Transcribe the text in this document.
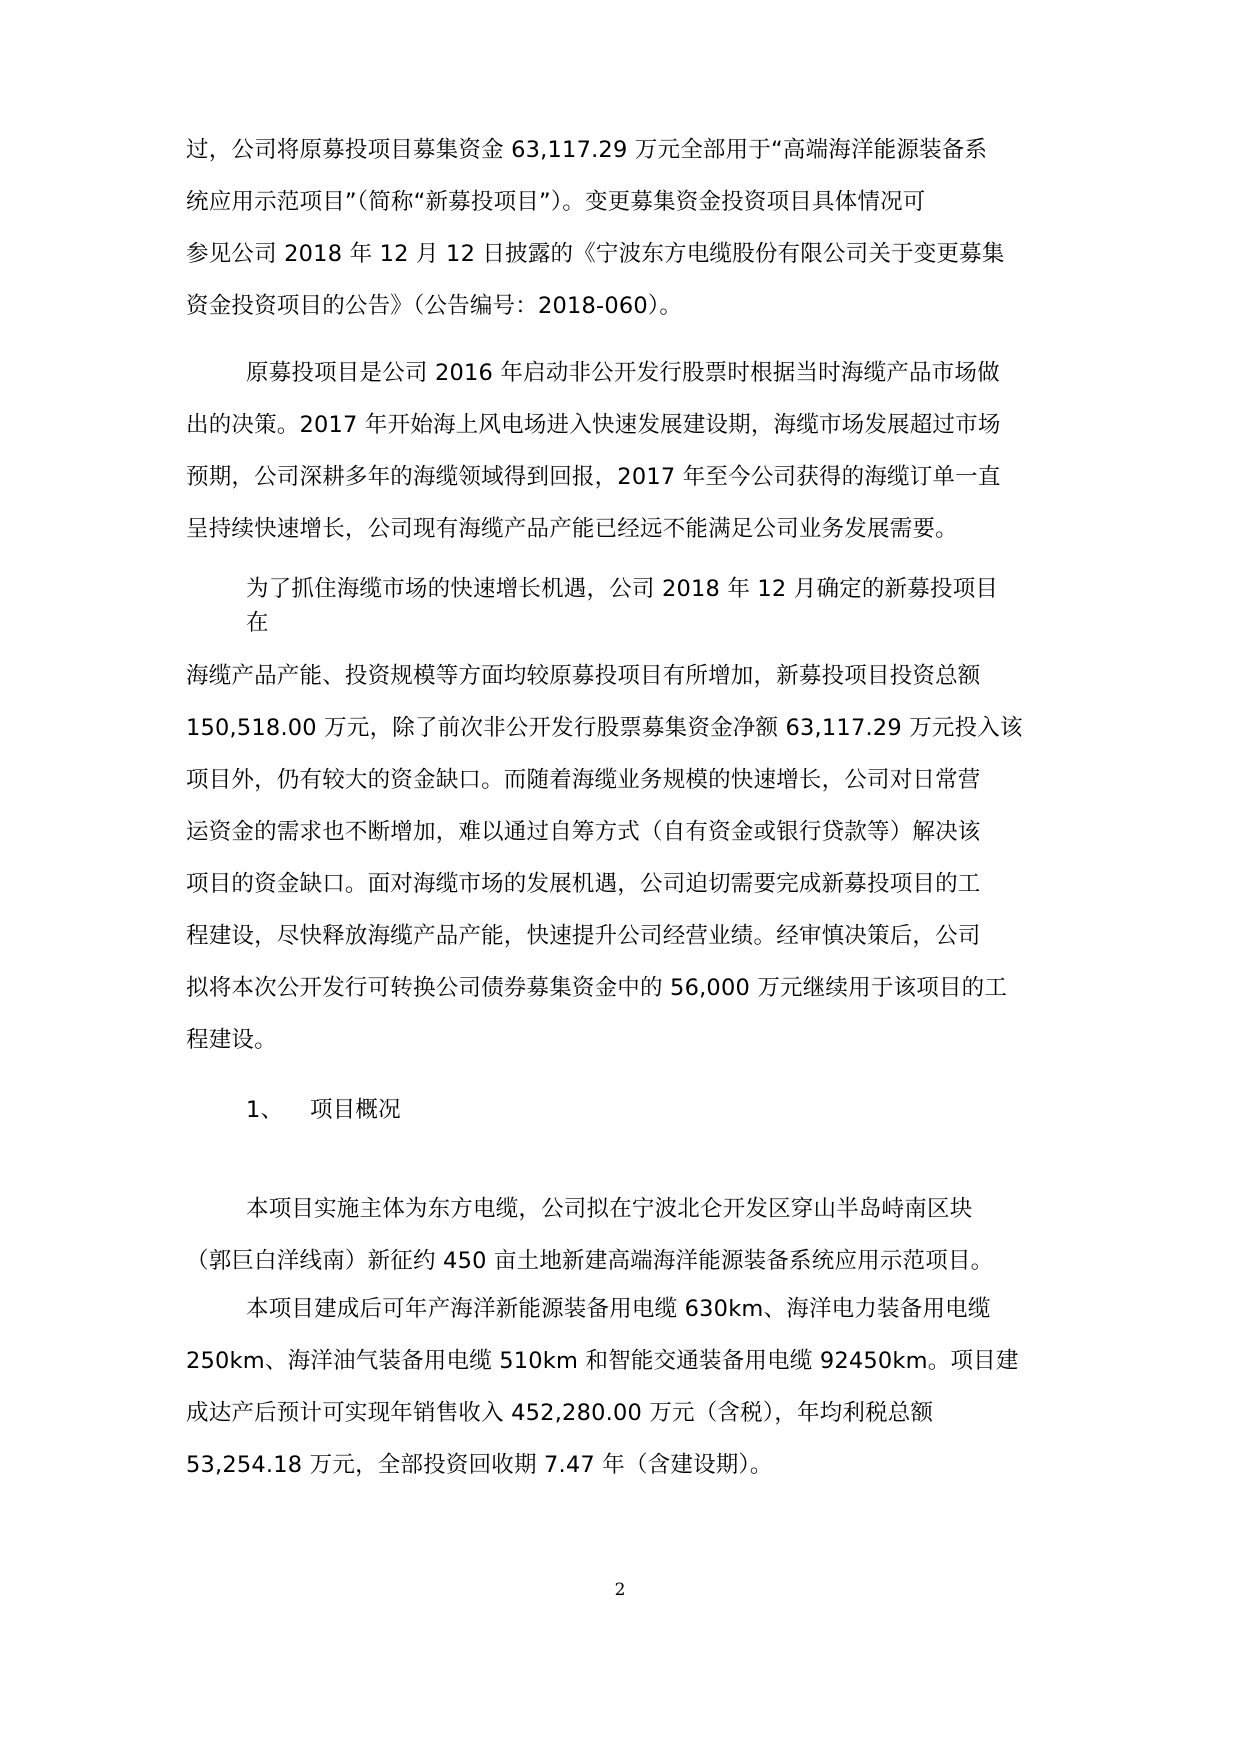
过，公司将原募投项目募集资金 63,117.29 万元全部用于“高端海洋能源装备系
统应用示范项目”（简称“新募投项目”）。变更募集资金投资项目具体情况可
参见公司 2018 年 12 月 12 日披露的《宁波东方电缆股份有限公司关于变更募集
资金投资项目的公告》（公告编号：2018-060）。
原募投项目是公司 2016 年启动非公开发行股票时根据当时海缆产品市场做
出的决策。2017 年开始海上风电场进入快速发展建设期，海缆市场发展超过市场
预期，公司深耕多年的海缆领域得到回报，2017 年至今公司获得的海缆订单一直
呈持续快速增长，公司现有海缆产品产能已经远不能满足公司业务发展需要。
为了抓住海缆市场的快速增长机遇，公司 2018 年 12 月确定的新募投项目
在
海缆产品产能、投资规模等方面均较原募投项目有所增加，新募投项目投资总额
150,518.00 万元，除了前次非公开发行股票募集资金净额 63,117.29 万元投入该
项目外，仍有较大的资金缺口。而随着海缆业务规模的快速增长，公司对日常营
运资金的需求也不断增加，难以通过自筹方式（自有资金或银行贷款等）解决该
项目的资金缺口。面对海缆市场的发展机遇，公司迫切需要完成新募投项目的工
程建设，尽快释放海缆产品产能，快速提升公司经营业绩。经审慎决策后，公司
拟将本次公开发行可转换公司债券募集资金中的 56,000 万元继续用于该项目的工
程建设。
1、	项目概况
本项目实施主体为东方电缆，公司拟在宁波北仑开发区穿山半岛峙南区块
（郭巨白洋线南）新征约 450 亩土地新建高端海洋能源装备系统应用示范项目。
本项目建成后可年产海洋新能源装备用电缆 630km、海洋电力装备用电缆
250km、海洋油气装备用电缆 510km 和智能交通装备用电缆 92450km。项目建
成达产后预计可实现年销售收入 452,280.00 万元（含税），年均利税总额
53,254.18 万元，全部投资回收期 7.47 年（含建设期）。
2
